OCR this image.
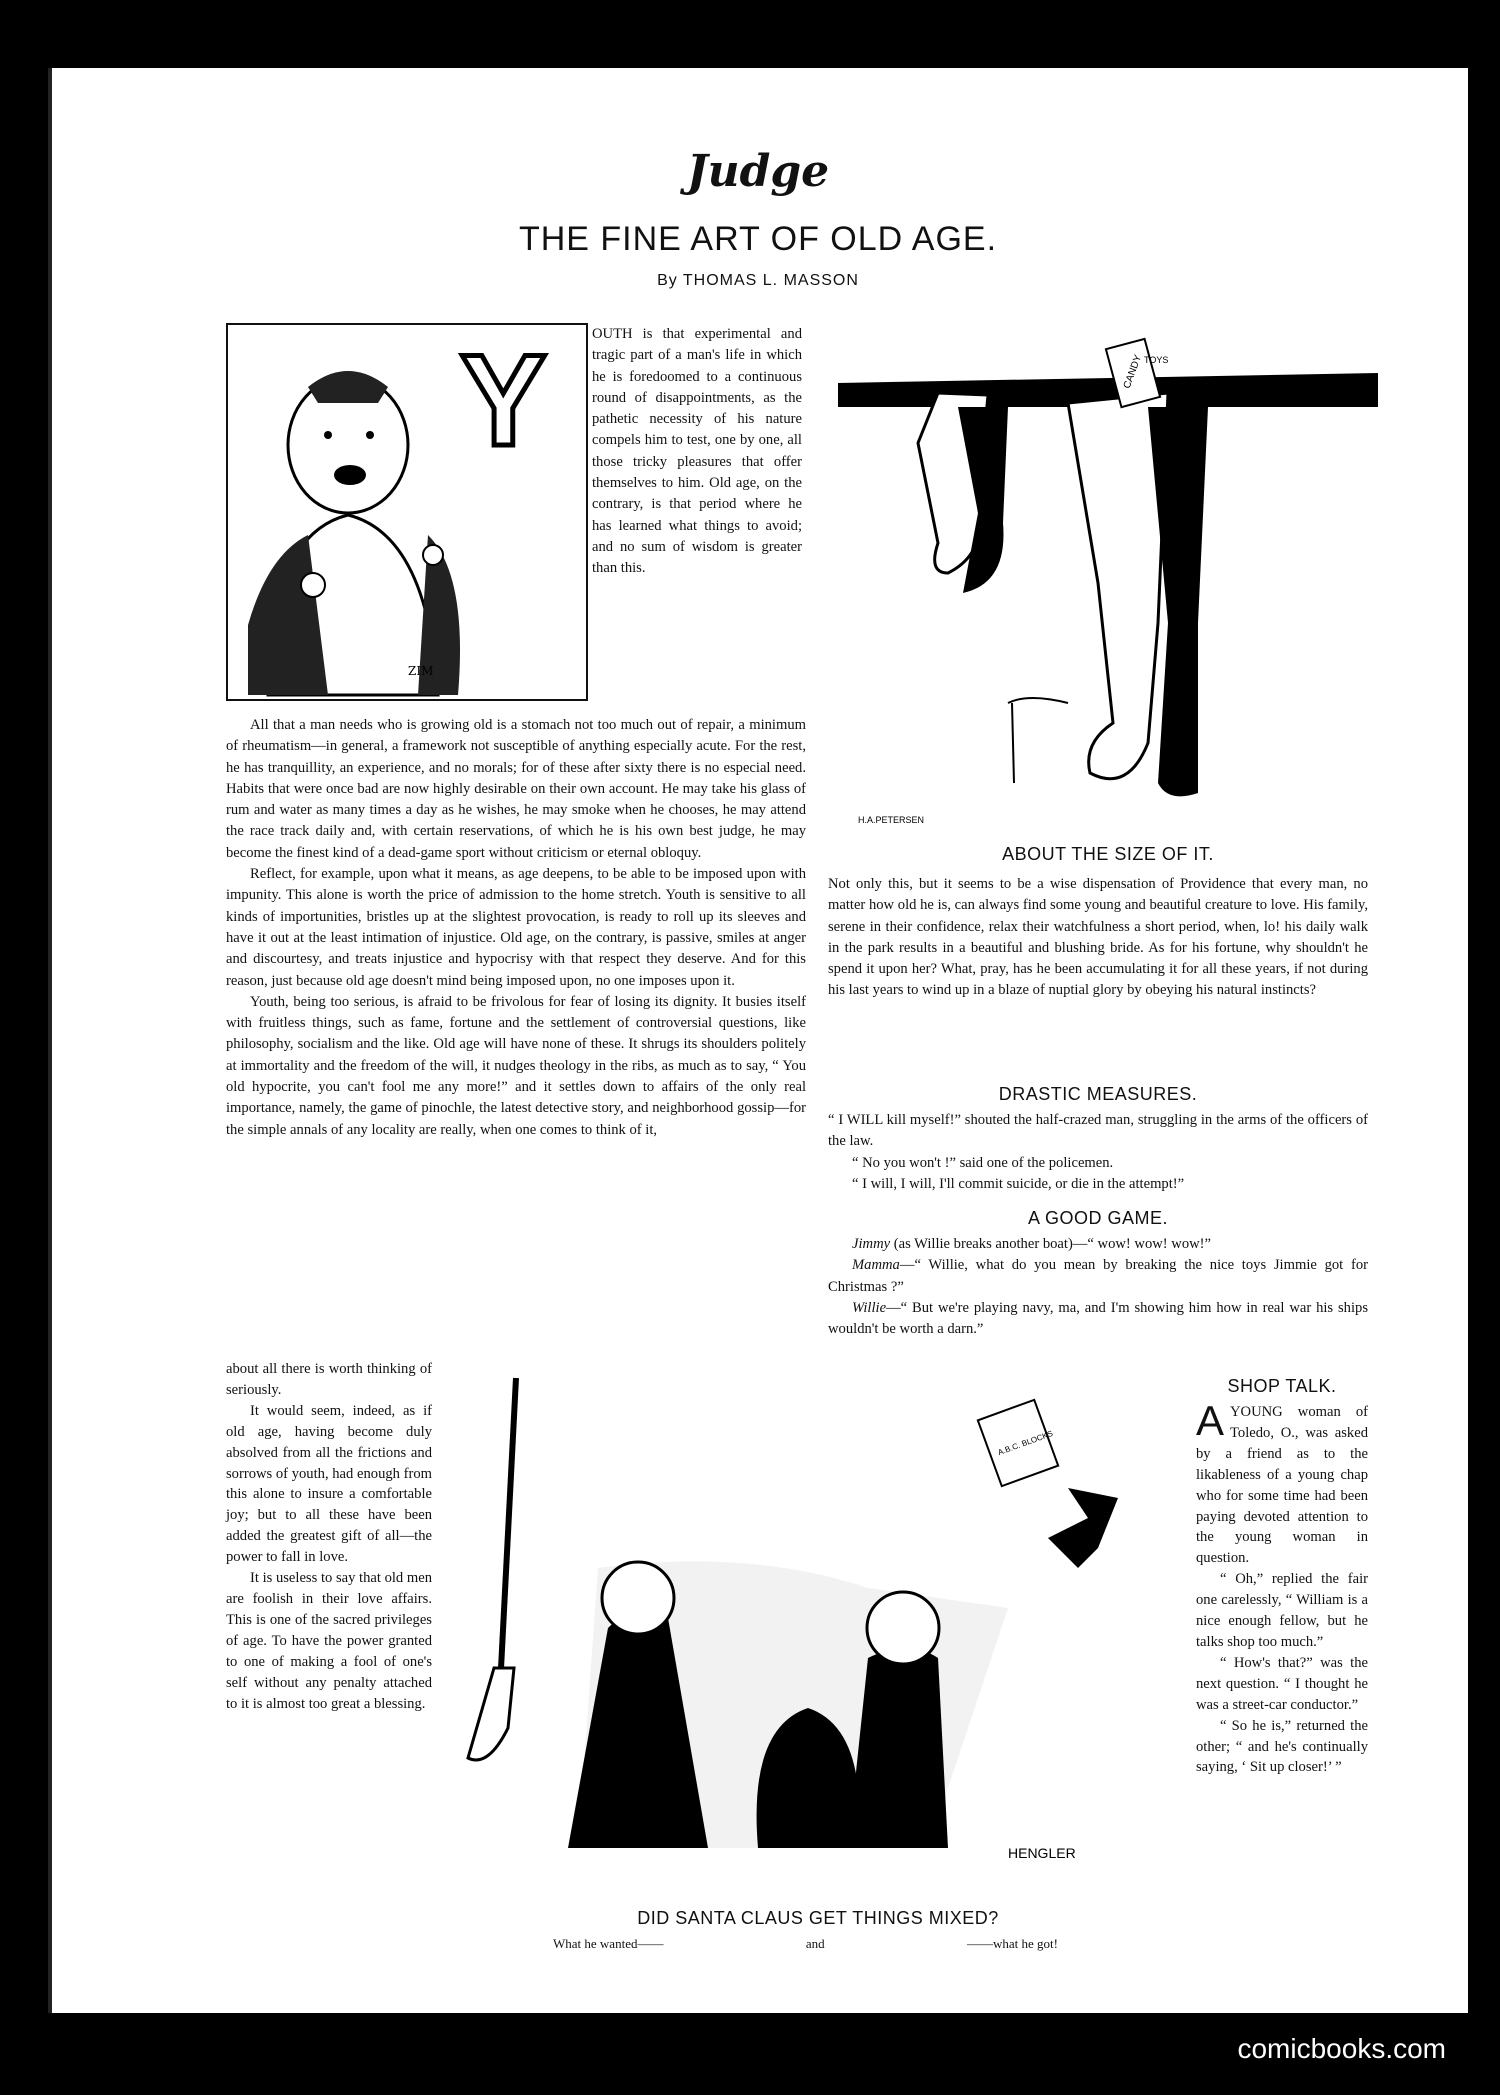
Judge
THE FINE ART OF OLD AGE.
By THOMAS L. MASSON
Y
ZIM

OUTH is that experimental and tragic part of a man's life in which he is foredoomed to a continuous round of disappointments, as the pathetic necessity of his nature compels him to test, one by one, all those tricky pleasures that offer themselves to him. Old age, on the contrary, is that period where he has learned what things to avoid; and no sum of wisdom is greater than this.

All that a man needs who is growing old is a stomach not too much out of repair, a minimum of rheumatism—in general, a framework not susceptible of anything especially acute. For the rest, he has tranquillity, an experience, and no morals; for of these after sixty there is no especial need. Habits that were once bad are now highly desirable on their own account. He may take his glass of rum and water as many times a day as he wishes, he may smoke when he chooses, he may attend the race track daily and, with certain reservations, of which he is his own best judge, he may become the finest kind of a dead-game sport without criticism or eternal obloquy.

Reflect, for example, upon what it means, as age deepens, to be able to be imposed upon with impunity. This alone is worth the price of admission to the home stretch. Youth is sensitive to all kinds of importunities, bristles up at the slightest provocation, is ready to roll up its sleeves and have it out at the least intimation of injustice. Old age, on the contrary, is passive, smiles at anger and discourtesy, and treats injustice and hypocrisy with that respect they deserve. And for this reason, just because old age doesn't mind being imposed upon, no one imposes upon it.

Youth, being too serious, is afraid to be frivolous for fear of losing its dignity. It busies itself with fruitless things, such as fame, fortune and the settlement of controversial questions, like philosophy, socialism and the like. Old age will have none of these. It shrugs its shoulders politely at immortality and the freedom of the will, it nudges theology in the ribs, as much as to say, “ You old hypocrite, you can't fool me any more!” and it settles down to affairs of the only real importance, namely, the game of pinochle, the latest detective story, and neighborhood gossip—for the simple annals of any locality are really, when one comes to think of it,

about all there is worth thinking of seriously.

It would seem, indeed, as if old age, having become duly absolved from all the frictions and sorrows of youth, had enough from this alone to insure a comfortable joy; but to all these have been added the greatest gift of all—the power to fall in love.

It is useless to say that old men are foolish in their love affairs. This is one of the sacred privileges of age. To have the power granted to one of making a fool of one's self without any penalty attached to it is almost too great a blessing.

CANDY TOYS
H.A.PETERSEN
ABOUT THE SIZE OF IT.

Not only this, but it seems to be a wise dispensation of Providence that every man, no matter how old he is, can always find some young and beautiful creature to love. His family, serene in their confidence, relax their watchfulness a short period, when, lo! his daily walk in the park results in a beautiful and blushing bride. As for his fortune, why shouldn't he spend it upon her? What, pray, has he been accumulating it for all these years, if not during his last years to wind up in a blaze of nuptial glory by obeying his natural instincts?

DRASTIC MEASURES.

“ I WILL kill myself!” shouted the half-crazed man, struggling in the arms of the officers of the law.

“ No you won't !” said one of the policemen.

“ I will, I will, I'll commit suicide, or die in the attempt!”

A GOOD GAME.

Jimmy (as Willie breaks another boat)—“ wow! wow! wow!”

Mamma—“ Willie, what do you mean by breaking the nice toys Jimmie got for Christmas ?”

Willie—“ But we're playing navy, ma, and I'm showing him how in real war his ships wouldn't be worth a darn.”

SHOP TALK.

AYOUNG woman of Toledo, O., was asked by a friend as to the likableness of a young chap who for some time had been paying devoted attention to the young woman in question.

“ Oh,” replied the fair one carelessly, “ William is a nice enough fellow, but he talks shop too much.”

“ How's that?” was the next question. “ I thought he was a street-car conductor.”

“ So he is,” returned the other; “ and he's continually saying, ‘ Sit up closer!’ ”

A.B.C. BLOCKS
HENGLER
DID SANTA CLAUS GET THINGS MIXED?
What he wanted——	and	——what he got!
comicbooks.com
